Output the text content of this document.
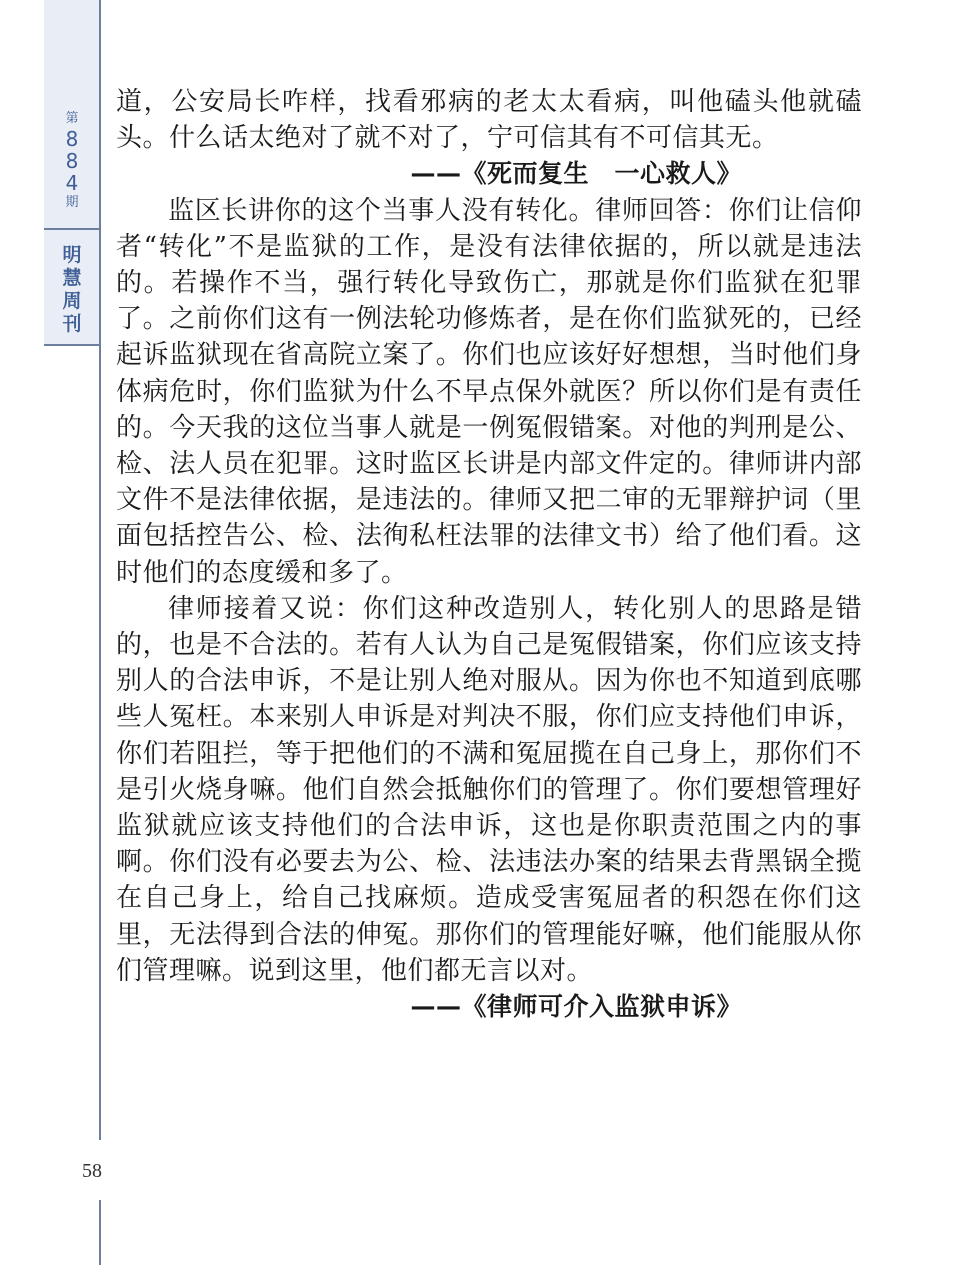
第
8
8
4
期
明
慧
周
刊
58

道，公安局长咋样，找看邪病的老太太看病，叫他磕头他就磕头。什么话太绝对了就不对了，宁可信其有不可信其无。

——《死而复生　一心救人》

监区长讲你的这个当事人没有转化。律师回答：你们让信仰者“转化”不是监狱的工作，是没有法律依据的，所以就是违法的。若操作不当，强行转化导致伤亡，那就是你们监狱在犯罪了。之前你们这有一例法轮功修炼者，是在你们监狱死的，已经起诉监狱现在省高院立案了。你们也应该好好想想，当时他们身体病危时，你们监狱为什么不早点保外就医？所以你们是有责任的。今天我的这位当事人就是一例冤假错案。对他的判刑是公、检、法人员在犯罪。这时监区长讲是内部文件定的。律师讲内部文件不是法律依据，是违法的。律师又把二审的无罪辩护词（里面包括控告公、检、法徇私枉法罪的法律文书）给了他们看。这时他们的态度缓和多了。

律师接着又说：你们这种改造别人，转化别人的思路是错的，也是不合法的。若有人认为自己是冤假错案，你们应该支持别人的合法申诉，不是让别人绝对服从。因为你也不知道到底哪些人冤枉。本来别人申诉是对判决不服，你们应支持他们申诉，你们若阻拦，等于把他们的不满和冤屈揽在自己身上，那你们不是引火烧身嘛。他们自然会抵触你们的管理了。你们要想管理好监狱就应该支持他们的合法申诉，这也是你职责范围之内的事啊。你们没有必要去为公、检、法违法办案的结果去背黑锅全揽在自己身上，给自己找麻烦。造成受害冤屈者的积怨在你们这里，无法得到合法的伸冤。那你们的管理能好嘛，他们能服从你们管理嘛。说到这里，他们都无言以对。

——《律师可介入监狱申诉》
